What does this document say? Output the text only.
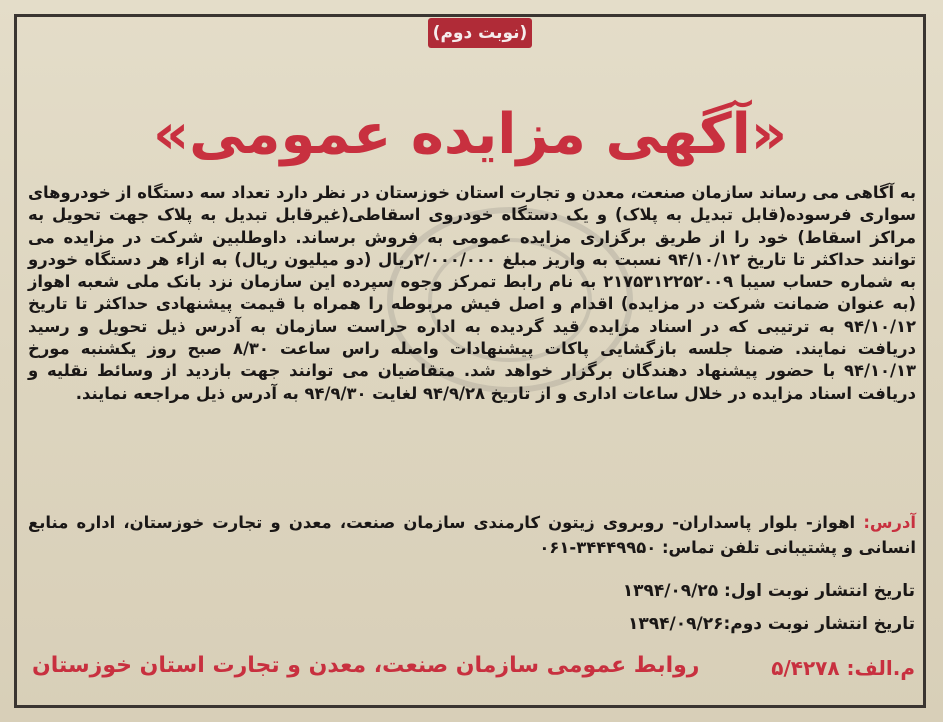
(نوبت دوم)
«آگهی مزایده عمومی»

به آگاهی می رساند سازمان صنعت، معدن و تجارت استان خوزستان در نظر دارد تعداد سه دستگاه از خودروهای سواری فرسوده(قابل تبدیل به پلاک) و یک دستگاه خودروی اسقاطی(غیرقابل تبدیل به پلاک جهت تحویل به مراکز اسقاط) خود را از طریق برگزاری مزایده عمومی به فروش برساند. داوطلبین شرکت در مزایده می توانند حداکثر تا تاریخ ۹۴/۱۰/۱۲ نسبت به واریز مبلغ ۲/۰۰۰/۰۰۰ریال (دو میلیون ریال) به ازاء هر دستگاه خودرو به شماره حساب سیبا ۲۱۷۵۳۱۲۲۵۲۰۰۹ به نام رابط تمرکز وجوه سپرده این سازمان نزد بانک ملی شعبه اهواز (به عنوان ضمانت شرکت در مزایده) اقدام و اصل فیش مربوطه را همراه با قیمت پیشنهادی حداکثر تا تاریخ ۹۴/۱۰/۱۲ به ترتیبی که در اسناد مزایده قید گردیده به اداره حراست سازمان به آدرس ذیل تحویل و رسید دریافت نمایند. ضمنا جلسه بازگشایی پاکات پیشنهادات واصله راس ساعت ۸/۳۰ صبح روز یکشنبه مورخ ۹۴/۱۰/۱۳ با حضور پیشنهاد دهندگان برگزار خواهد شد. متقاضیان می توانند جهت بازدید از وسائط نقلیه و دریافت اسناد مزایده در خلال ساعات اداری و از تاریخ ۹۴/۹/۲۸ لغایت ۹۴/۹/۳۰ به آدرس ذیل مراجعه نمایند.

آدرس: اهواز- بلوار پاسداران- روبروی زیتون کارمندی سازمان صنعت، معدن و تجارت خوزستان، اداره منابع انسانی و پشتیبانی تلفن تماس: ۳۴۴۴۹۹۵۰-۰۶۱

تاریخ انتشار نوبت اول: ۱۳۹۴/۰۹/۲۵
تاریخ انتشار نوبت دوم:۱۳۹۴/۰۹/۲۶
م.الف: ۵/۴۲۷۸
روابط عمومی سازمان صنعت، معدن و تجارت استان خوزستان
